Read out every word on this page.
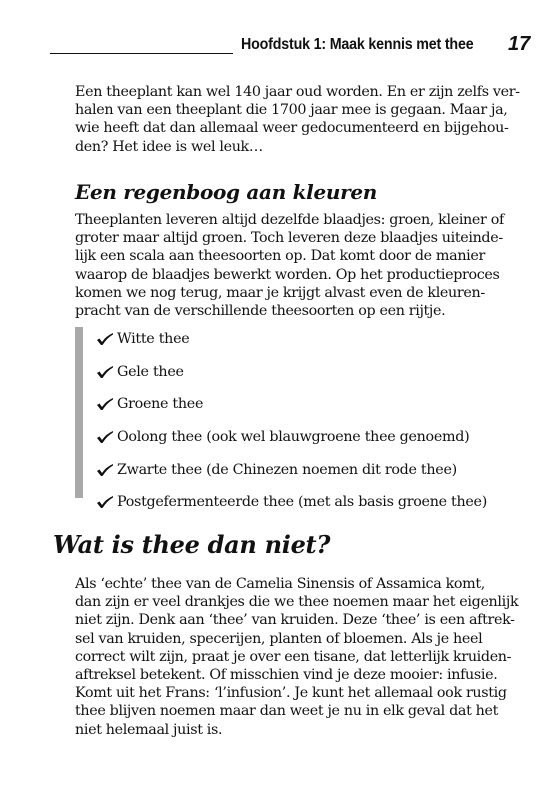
Hoofdstuk 1: Maak kennis met thee 17

Een theeplant kan wel 140 jaar oud worden. En er zijn zelfs ver-
halen van een theeplant die 1700 jaar mee is gegaan. Maar ja,
wie heeft dat dan allemaal weer gedocumenteerd en bijgehou-
den? Het idee is wel leuk…

Een regenboog aan kleuren

Theeplanten leveren altijd dezelfde blaadjes: groen, kleiner of
groter maar altijd groen. Toch leveren deze blaadjes uiteinde-
lijk een scala aan theesoorten op. Dat komt door de manier
waarop de blaadjes bewerkt worden. Op het productieproces
komen we nog terug, maar je krijgt alvast even de kleuren-
pracht van de verschillende theesoorten op een rijtje.

Witte thee
Gele thee
Groene thee
Oolong thee (ook wel blauwgroene thee genoemd)
Zwarte thee (de Chinezen noemen dit rode thee)
Postgefermenteerde thee (met als basis groene thee)
Wat is thee dan niet?

Als ‘echte’ thee van de Camelia Sinensis of Assamica komt,
dan zijn er veel drankjes die we thee noemen maar het eigenlijk
niet zijn. Denk aan ‘thee’ van kruiden. Deze ‘thee’ is een aftrek-
sel van kruiden, specerijen, planten of bloemen. Als je heel
correct wilt zijn, praat je over een tisane, dat letterlijk kruiden-
aftreksel betekent. Of misschien vind je deze mooier: infusie.
Komt uit het Frans: ‘l’infusion’. Je kunt het allemaal ook rustig
thee blijven noemen maar dan weet je nu in elk geval dat het
niet helemaal juist is.
